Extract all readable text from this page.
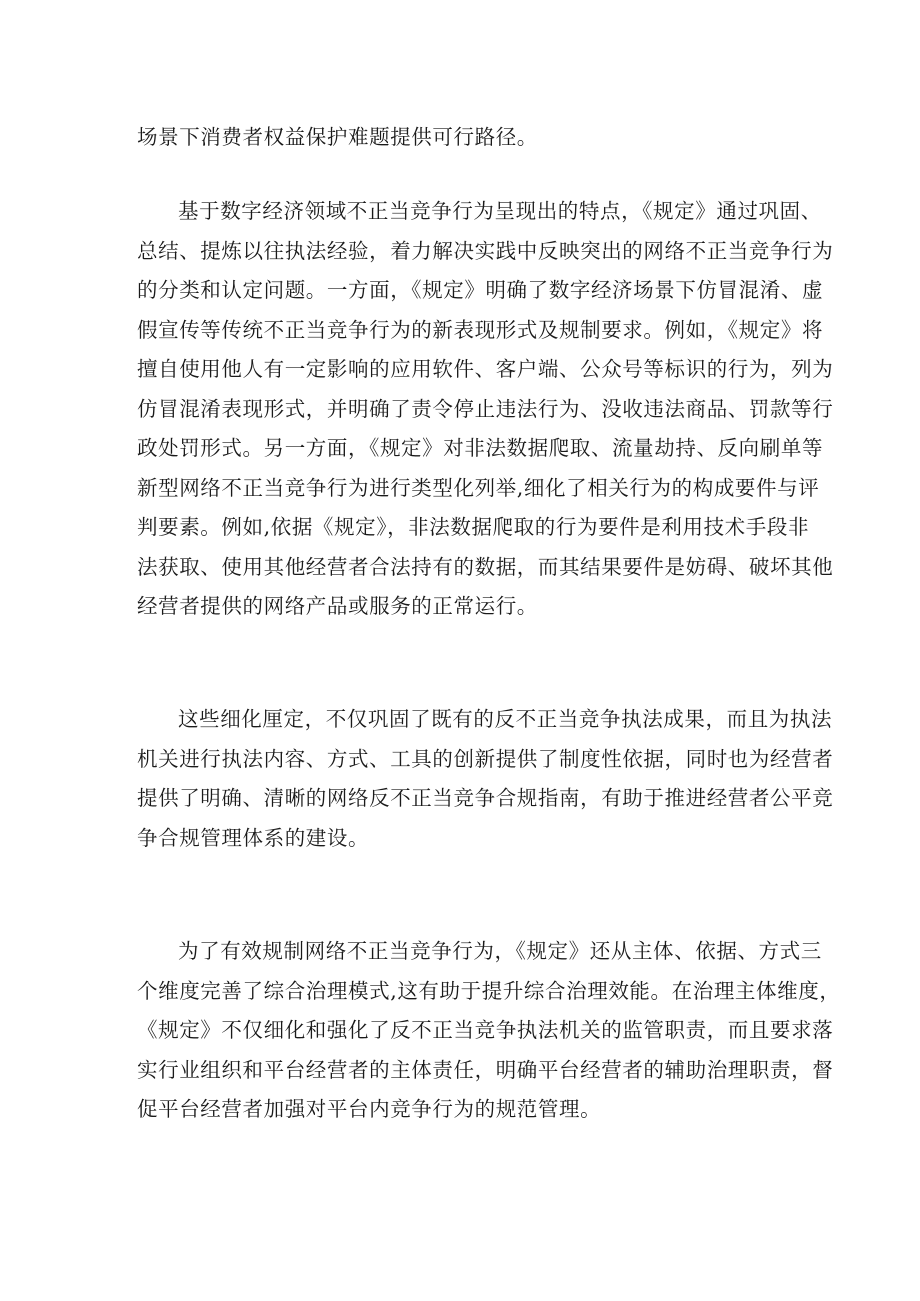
场景下消费者权益保护难题提供可行路径。
基于数字经济领域不正当竞争行为呈现出的特点，《规定》通过巩固、
总结、提炼以往执法经验，着力解决实践中反映突出的网络不正当竞争行为
的分类和认定问题。一方面，《规定》明确了数字经济场景下仿冒混淆、虚
假宣传等传统不正当竞争行为的新表现形式及规制要求。例如，《规定》将
擅自使用他人有一定影响的应用软件、客户端、公众号等标识的行为，列为
仿冒混淆表现形式，并明确了责令停止违法行为、没收违法商品、罚款等行
政处罚形式。另一方面，《规定》对非法数据爬取、流量劫持、反向刷单等
新型网络不正当竞争行为进行类型化列举,细化了相关行为的构成要件与评
判要素。例如,依据《规定》，非法数据爬取的行为要件是利用技术手段非
法获取、使用其他经营者合法持有的数据，而其结果要件是妨碍、破坏其他
经营者提供的网络产品或服务的正常运行。
这些细化厘定，不仅巩固了既有的反不正当竞争执法成果，而且为执法
机关进行执法内容、方式、工具的创新提供了制度性依据，同时也为经营者
提供了明确、清晰的网络反不正当竞争合规指南，有助于推进经营者公平竞
争合规管理体系的建设。
为了有效规制网络不正当竞争行为，《规定》还从主体、依据、方式三
个维度完善了综合治理模式,这有助于提升综合治理效能。在治理主体维度，
《规定》不仅细化和强化了反不正当竞争执法机关的监管职责，而且要求落
实行业组织和平台经营者的主体责任，明确平台经营者的辅助治理职责，督
促平台经营者加强对平台内竞争行为的规范管理。
